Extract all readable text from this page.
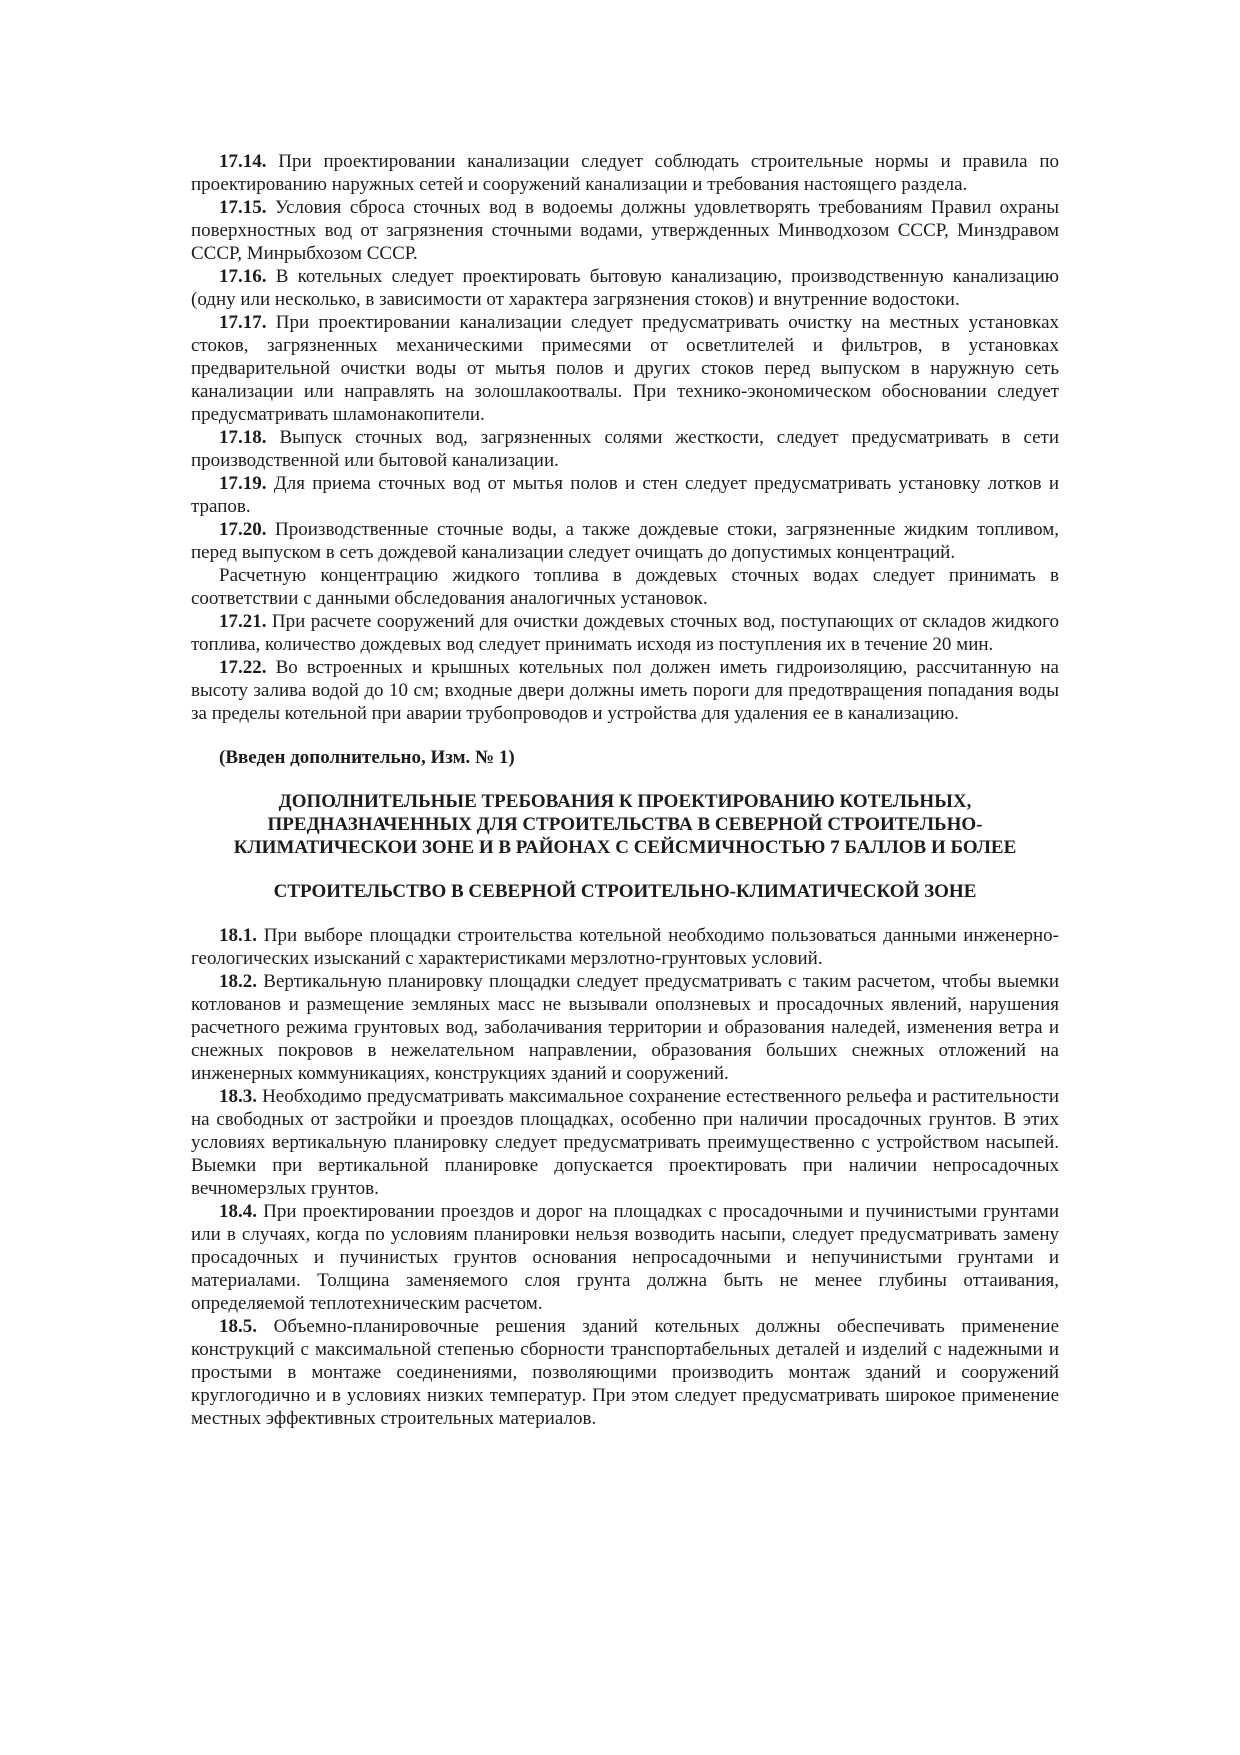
17.14. При проектировании канализации следует соблюдать строительные нормы и правила по проектированию наружных сетей и сооружений канализации и требования настоящего раздела.

17.15. Условия сброса сточных вод в водоемы должны удовлетворять требованиям Правил охраны поверхностных вод от загрязнения сточными водами, утвержденных Минводхозом СССР, Минздравом СССР, Минрыбхозом СССР.

17.16. В котельных следует проектировать бытовую канализацию, производственную канализацию (одну или несколько, в зависимости от характера загрязнения стоков) и внутренние водостоки.

17.17. При проектировании канализации следует предусматривать очистку на местных установках стоков, загрязненных механическими примесями от осветлителей и фильтров, в установках предварительной очистки воды от мытья полов и других стоков перед выпуском в наружную сеть канализации или направлять на золошлакоотвалы. При технико-экономическом обосновании следует предусматривать шламонакопители.

17.18. Выпуск сточных вод, загрязненных солями жесткости, следует предусматривать в сети производственной или бытовой канализации.

17.19. Для приема сточных вод от мытья полов и стен следует предусматривать установку лотков и трапов.

17.20. Производственные сточные воды, а также дождевые стоки, загрязненные жидким топливом, перед выпуском в сеть дождевой канализации следует очищать до допустимых концентраций.

Расчетную концентрацию жидкого топлива в дождевых сточных водах следует принимать в соответствии с данными обследования аналогичных установок.

17.21. При расчете сооружений для очистки дождевых сточных вод, поступающих от складов жидкого топлива, количество дождевых вод следует принимать исходя из поступления их в течение 20 мин.

17.22. Во встроенных и крышных котельных пол должен иметь гидроизоляцию, рассчитанную на высоту залива водой до 10 см; входные двери должны иметь пороги для предотвращения попадания воды за пределы котельной при аварии трубопроводов и устройства для удаления ее в канализацию.

(Введен дополнительно, Изм. № 1)

ДОПОЛНИТЕЛЬНЫЕ ТРЕБОВАНИЯ К ПРОЕКТИРОВАНИЮ КОТЕЛЬНЫХ, ПРЕДНАЗНАЧЕННЫХ ДЛЯ СТРОИТЕЛЬСТВА В СЕВЕРНОЙ СТРОИТЕЛЬНО-КЛИМАТИЧЕСКОИ ЗОНЕ И В РАЙОНАХ С СЕЙСМИЧНОСТЬЮ 7 БАЛЛОВ И БОЛЕЕ

СТРОИТЕЛЬСТВО В СЕВЕРНОЙ СТРОИТЕЛЬНО-КЛИМАТИЧЕСКОЙ ЗОНЕ

18.1. При выборе площадки строительства котельной необходимо пользоваться данными инженерно-геологических изысканий с характеристиками мерзлотно-грунтовых условий.

18.2. Вертикальную планировку площадки следует предусматривать с таким расчетом, чтобы выемки котлованов и размещение земляных масс не вызывали оползневых и просадочных явлений, нарушения расчетного режима грунтовых вод, заболачивания территории и образования наледей, изменения ветра и снежных покровов в нежелательном направлении, образования больших снежных отложений на инженерных коммуникациях, конструкциях зданий и сооружений.

18.3. Необходимо предусматривать максимальное сохранение естественного рельефа и растительности на свободных от застройки и проездов площадках, особенно при наличии просадочных грунтов. В этих условиях вертикальную планировку следует предусматривать преимущественно с устройством насыпей. Выемки при вертикальной планировке допускается проектировать при наличии непросадочных вечномерзлых грунтов.

18.4. При проектировании проездов и дорог на площадках с просадочными и пучинистыми грунтами или в случаях, когда по условиям планировки нельзя возводить насыпи, следует предусматривать замену просадочных и пучинистых грунтов основания непросадочными и непучинистыми грунтами и материалами. Толщина заменяемого слоя грунта должна быть не менее глубины оттаивания, определяемой теплотехническим расчетом.

18.5. Объемно-планировочные решения зданий котельных должны обеспечивать применение конструкций с максимальной степенью сборности транспортабельных деталей и изделий с надежными и простыми в монтаже соединениями, позволяющими производить монтаж зданий и сооружений круглогодично и в условиях низких температур. При этом следует предусматривать широкое применение местных эффективных строительных материалов.
